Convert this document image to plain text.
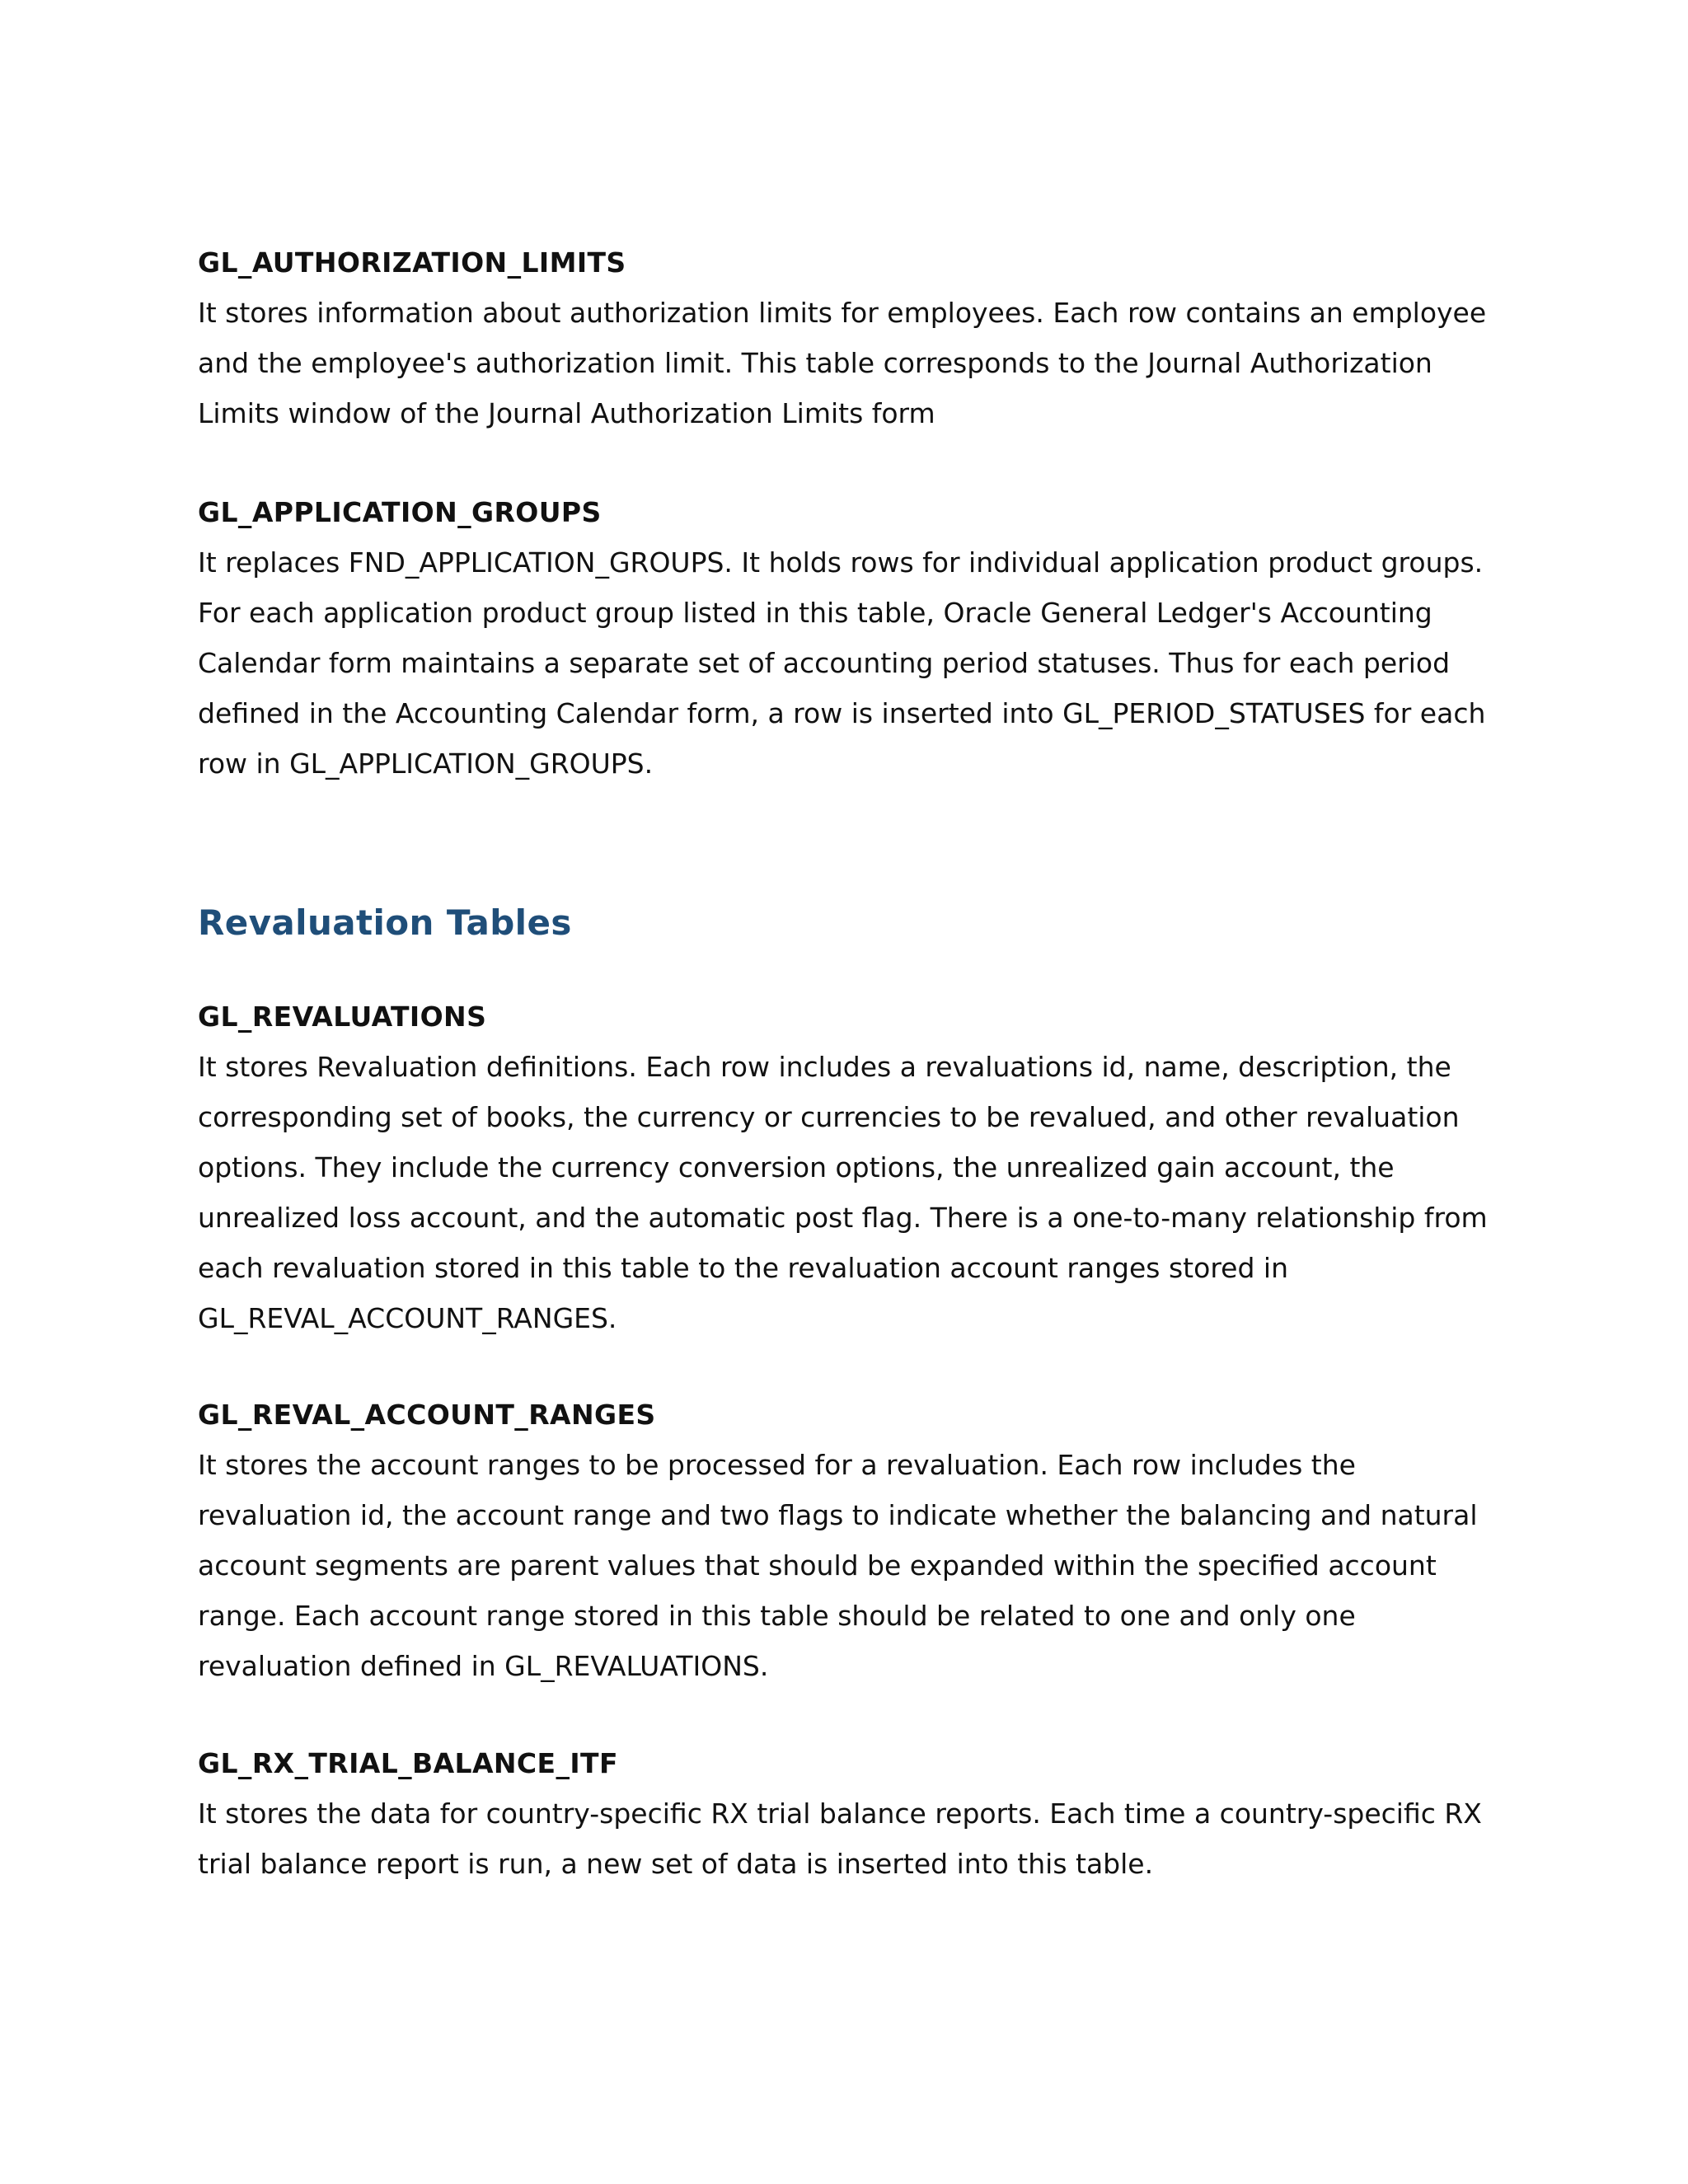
GL_AUTHORIZATION_LIMITS

It stores information about authorization limits for employees. Each row contains an employee and the employee's authorization limit. This table corresponds to the Journal Authorization Limits window of the Journal Authorization Limits form

GL_APPLICATION_GROUPS

It replaces FND_APPLICATION_GROUPS. It holds rows for individual application product groups. For each application product group listed in this table, Oracle General Ledger's Accounting Calendar form maintains a separate set of accounting period statuses. Thus for each period defined in the Accounting Calendar form, a row is inserted into GL_PERIOD_STATUSES for each row in GL_APPLICATION_GROUPS.

Revaluation Tables

GL_REVALUATIONS

It stores Revaluation definitions. Each row includes a revaluations id, name, description, the corresponding set of books, the currency or currencies to be revalued, and other revaluation options. They include the currency conversion options, the unrealized gain account, the unrealized loss account, and the automatic post flag. There is a one-to-many relationship from each revaluation stored in this table to the revaluation account ranges stored in GL_REVAL_ACCOUNT_RANGES.

GL_REVAL_ACCOUNT_RANGES

It stores the account ranges to be processed for a revaluation. Each row includes the revaluation id, the account range and two flags to indicate whether the balancing and natural account segments are parent values that should be expanded within the specified account range. Each account range stored in this table should be related to one and only one revaluation defined in GL_REVALUATIONS.

GL_RX_TRIAL_BALANCE_ITF

It stores the data for country-specific RX trial balance reports. Each time a country-specific RX trial balance report is run, a new set of data is inserted into this table.
